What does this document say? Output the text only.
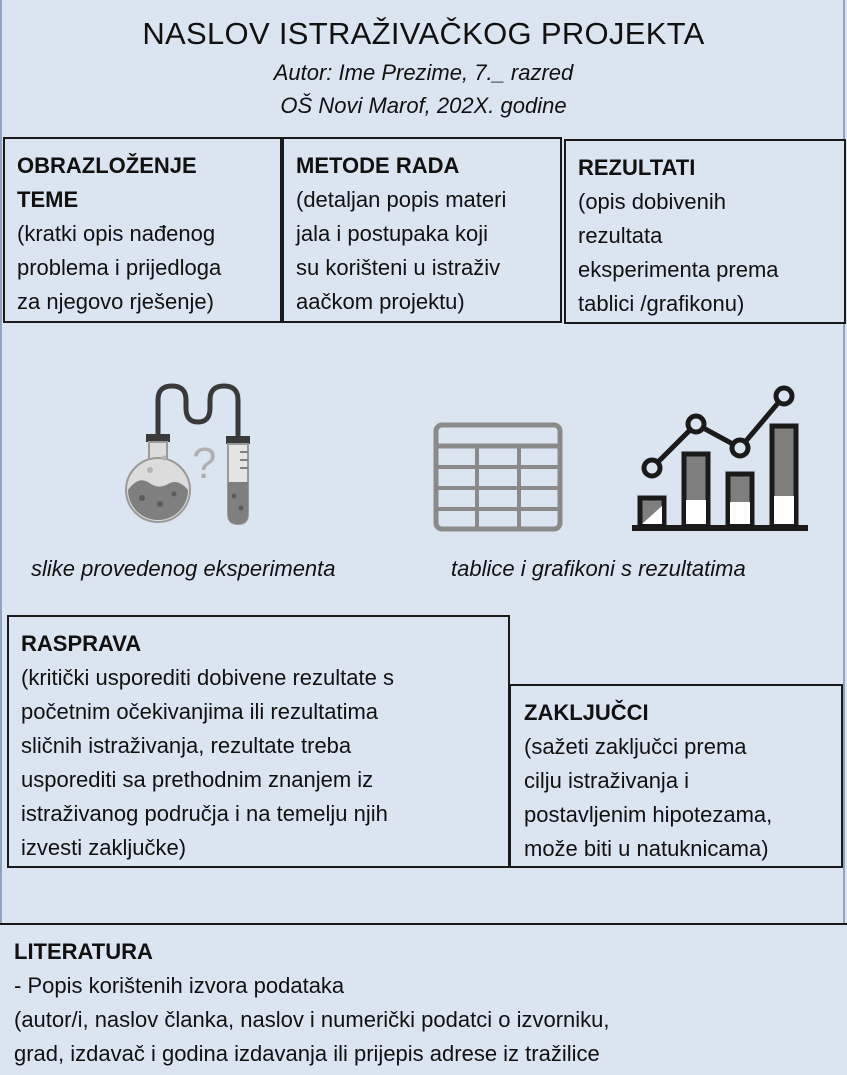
NASLOV ISTRAŽIVAČKOG PROJEKTA
Autor: Ime Prezime, 7._ razred
OŠ Novi Marof, 202X. godine
OBRAZLOŽENJE
TEME
(kratki opis nađenog
problema i prijedloga
za njegovo rješenje)
METODE RADA
(detaljan popis materi
jala i postupaka koji
su korišteni u istraživ
aačkom projektu)
REZULTATI
(opis dobivenih
rezultata
eksperimenta prema
tablici /grafikonu)
?
slike provedenog eksperimenta	tablice i grafikoni s rezultatima
RASPRAVA
(kritički usporediti dobivene rezultate s
početnim očekivanjima ili rezultatima
sličnih istraživanja, rezultate treba
usporediti sa prethodnim znanjem iz
istraživanog područja i na temelju njih
izvesti zaključke)
ZAKLJUČCI
(sažeti zaključci prema
cilju istraživanja i
postavljenim hipotezama,
može biti u natuknicama)
LITERATURA
- Popis korištenih izvora podataka
(autor/i, naslov članka, naslov i numerički podatci o izvorniku,
grad, izdavač i godina izdavanja ili prijepis adrese iz tražilice
